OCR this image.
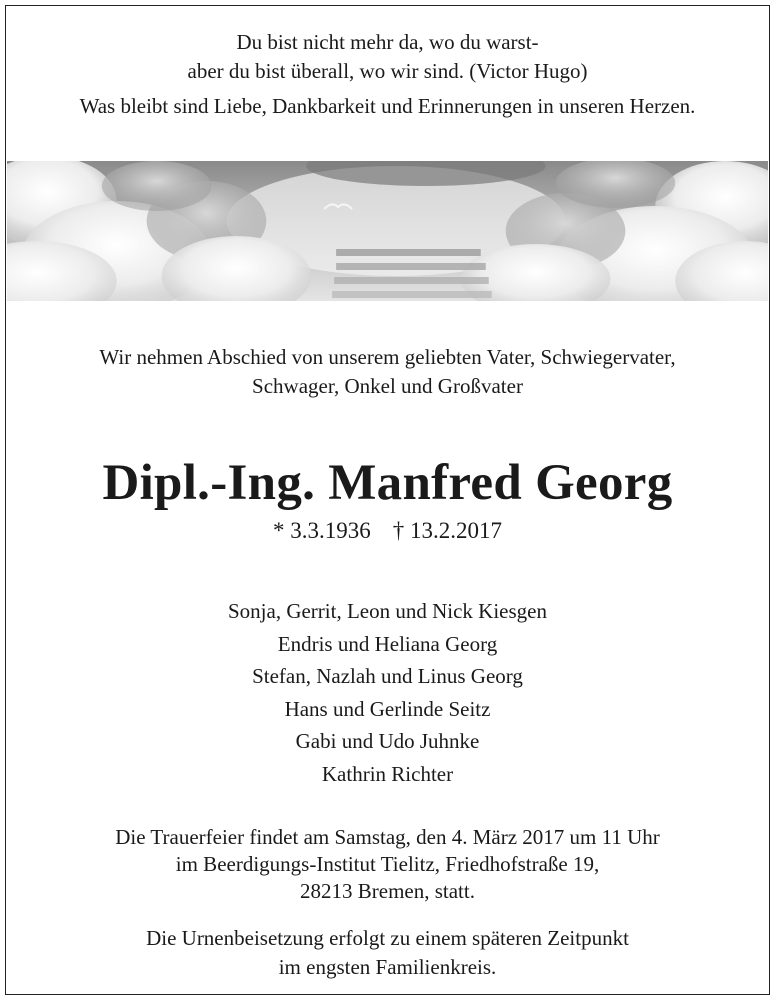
Du bist nicht mehr da, wo du warst-
aber du bist überall, wo wir sind. (Victor Hugo)
Was bleibt sind Liebe, Dankbarkeit und Erinnerungen in unseren Herzen.
Wir nehmen Abschied von unserem geliebten Vater, Schwiegervater,
Schwager, Onkel und Großvater
Dipl.-Ing. Manfred Georg
* 3.3.1936 † 13.2.2017
Sonja, Gerrit, Leon und Nick Kiesgen
Endris und Heliana Georg
Stefan, Nazlah und Linus Georg
Hans und Gerlinde Seitz
Gabi und Udo Juhnke
Kathrin Richter
Die Trauerfeier findet am Samstag, den 4. März 2017 um 11 Uhr
im Beerdigungs-Institut Tielitz, Friedhofstraße 19,
28213 Bremen, statt.
Die Urnenbeisetzung erfolgt zu einem späteren Zeitpunkt
im engsten Familienkreis.
